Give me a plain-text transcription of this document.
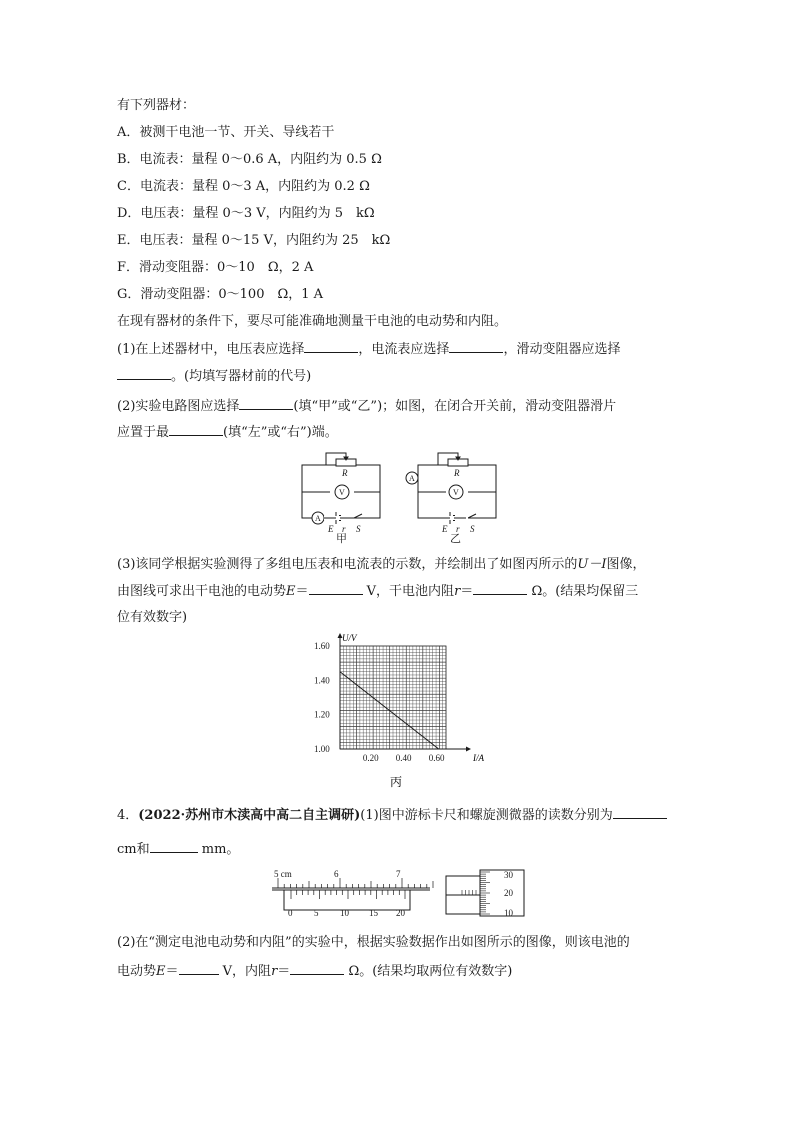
有下列器材：
A．被测干电池一节、开关、导线若干
B．电流表：量程 0～0.6 A，内阻约为 0.5 Ω
C．电流表：量程 0～3 A，内阻约为 0.2 Ω
D．电压表：量程 0～3 V，内阻约为 5　kΩ
E．电压表：量程 0～15 V，内阻约为 25　kΩ
F．滑动变阻器：0～10　Ω，2 A
G．滑动变阻器：0～100　Ω，1 A
在现有器材的条件下，要尽可能准确地测量干电池的电动势和内阻。
(1)在上述器材中，电压表应选择	，电流表应选择	，滑动变阻器应选择
。(均填写器材前的代号)
(2)实验电路图应选择	(填“甲”或“乙”)；如图，在闭合开关前，滑动变阻器滑片
应置于最	(填“左”或“右”)端。
R
V
A
E r S
甲
R
V
A
E r S
乙
(3)该同学根据实验测得了多组电压表和电流表的示数，并绘制出了如图丙所示的U－I图像，
由图线可求出干电池的电动势E＝	V，干电池内阻r＝	Ω。(结果均保留三
位有效数字)
0.20 0.40 0.60
1.00
1.20
1.40
1.60
U/V
I/A
丙
4．(2022·苏州市木渎高中高二自主调研)(1)图中游标卡尺和螺旋测微器的读数分别为
cm和	mm。
5 cm	6	7
0 5 10 15 20
30
20
10
(2)在“测定电池电动势和内阻”的实验中，根据实验数据作出如图所示的图像，则该电池的
电动势E＝	V，内阻r＝	Ω。(结果均取两位有效数字)
